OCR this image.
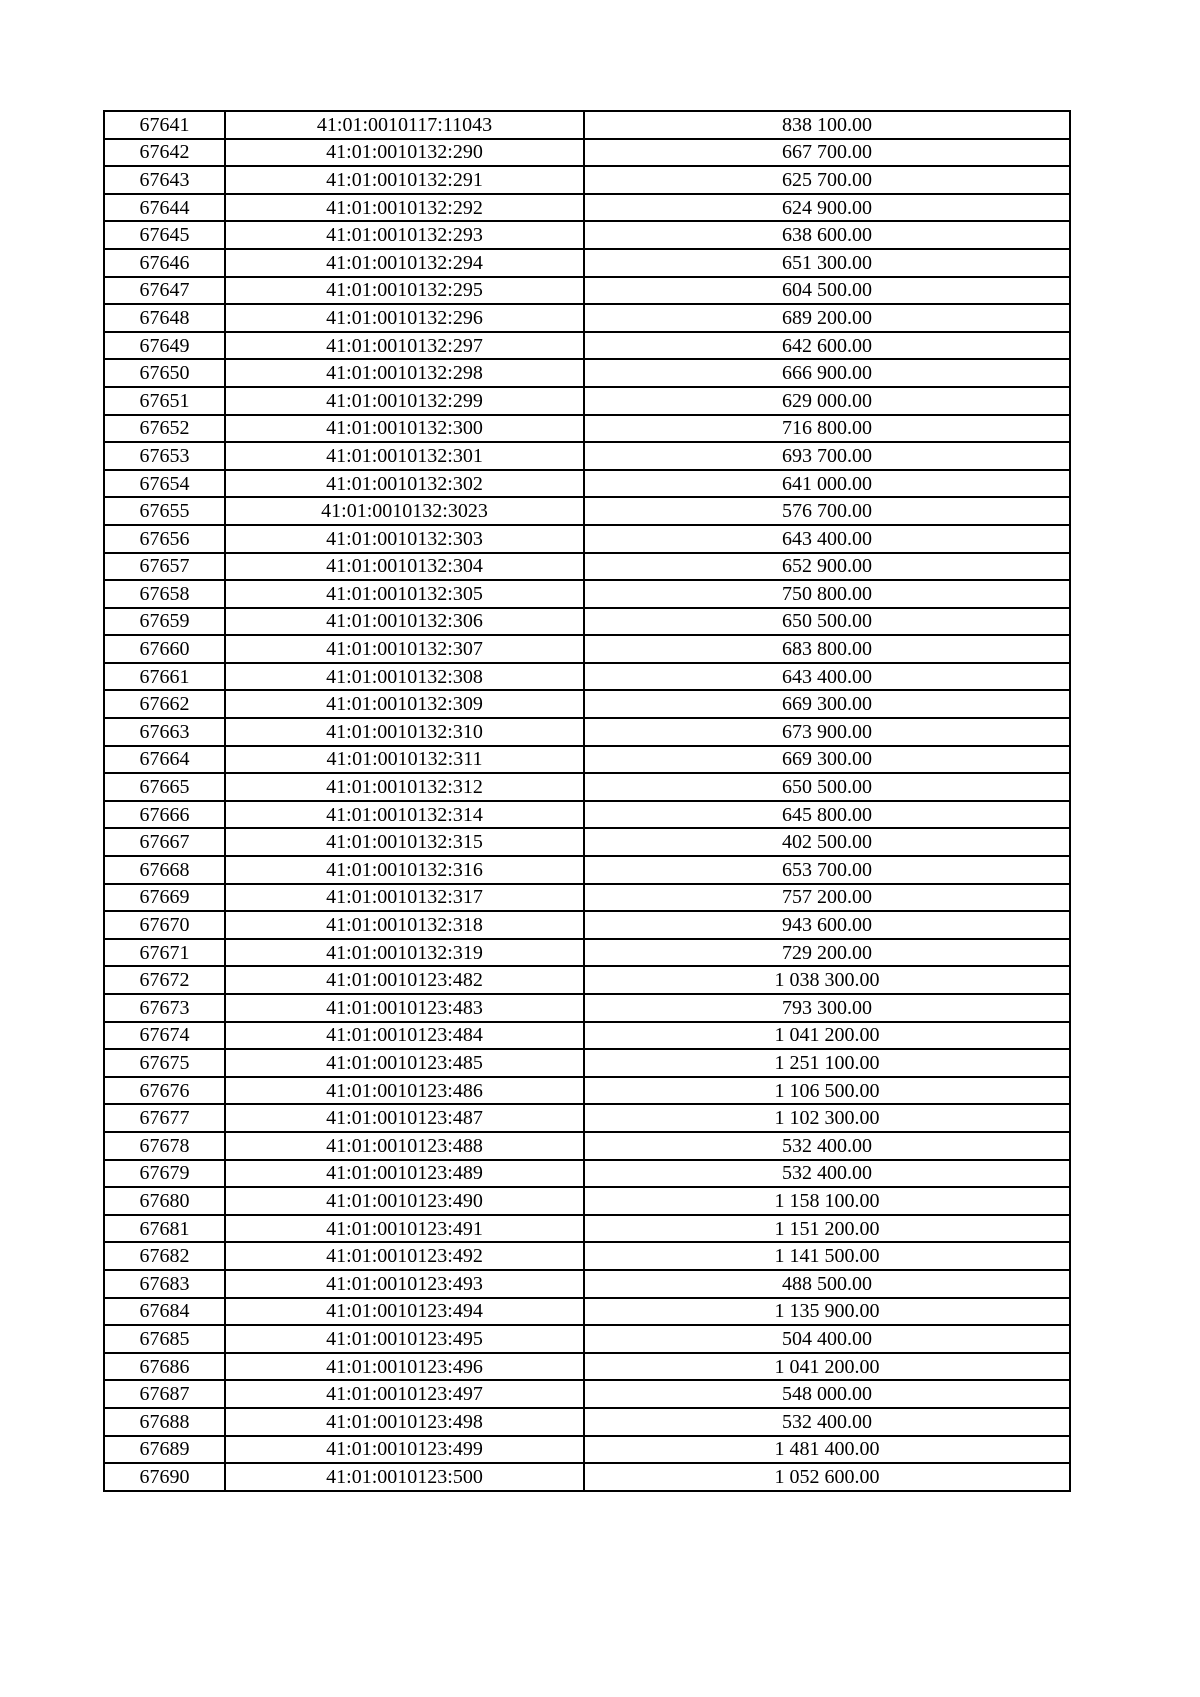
67641	41:01:0010117:11043	838 100.00
67642	41:01:0010132:290	667 700.00
67643	41:01:0010132:291	625 700.00
67644	41:01:0010132:292	624 900.00
67645	41:01:0010132:293	638 600.00
67646	41:01:0010132:294	651 300.00
67647	41:01:0010132:295	604 500.00
67648	41:01:0010132:296	689 200.00
67649	41:01:0010132:297	642 600.00
67650	41:01:0010132:298	666 900.00
67651	41:01:0010132:299	629 000.00
67652	41:01:0010132:300	716 800.00
67653	41:01:0010132:301	693 700.00
67654	41:01:0010132:302	641 000.00
67655	41:01:0010132:3023	576 700.00
67656	41:01:0010132:303	643 400.00
67657	41:01:0010132:304	652 900.00
67658	41:01:0010132:305	750 800.00
67659	41:01:0010132:306	650 500.00
67660	41:01:0010132:307	683 800.00
67661	41:01:0010132:308	643 400.00
67662	41:01:0010132:309	669 300.00
67663	41:01:0010132:310	673 900.00
67664	41:01:0010132:311	669 300.00
67665	41:01:0010132:312	650 500.00
67666	41:01:0010132:314	645 800.00
67667	41:01:0010132:315	402 500.00
67668	41:01:0010132:316	653 700.00
67669	41:01:0010132:317	757 200.00
67670	41:01:0010132:318	943 600.00
67671	41:01:0010132:319	729 200.00
67672	41:01:0010123:482	1 038 300.00
67673	41:01:0010123:483	793 300.00
67674	41:01:0010123:484	1 041 200.00
67675	41:01:0010123:485	1 251 100.00
67676	41:01:0010123:486	1 106 500.00
67677	41:01:0010123:487	1 102 300.00
67678	41:01:0010123:488	532 400.00
67679	41:01:0010123:489	532 400.00
67680	41:01:0010123:490	1 158 100.00
67681	41:01:0010123:491	1 151 200.00
67682	41:01:0010123:492	1 141 500.00
67683	41:01:0010123:493	488 500.00
67684	41:01:0010123:494	1 135 900.00
67685	41:01:0010123:495	504 400.00
67686	41:01:0010123:496	1 041 200.00
67687	41:01:0010123:497	548 000.00
67688	41:01:0010123:498	532 400.00
67689	41:01:0010123:499	1 481 400.00
67690	41:01:0010123:500	1 052 600.00
